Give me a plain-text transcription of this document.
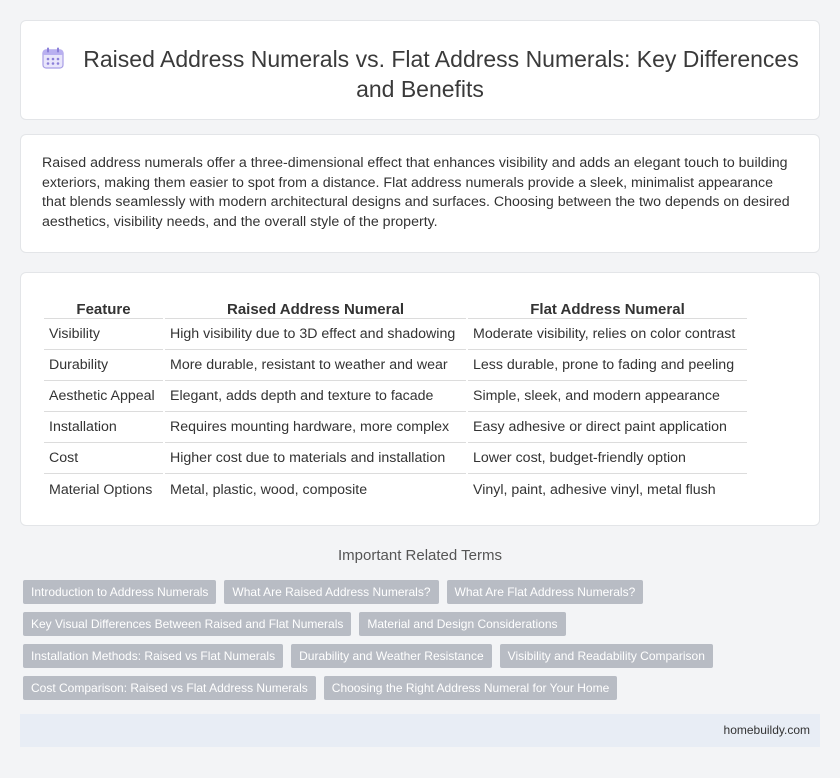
Raised Address Numerals vs. Flat Address Numerals: Key Differences and Benefits

Raised address numerals offer a three-dimensional effect that enhances visibility and adds an elegant touch to building exteriors, making them easier to spot from a distance. Flat address numerals provide a sleek, minimalist appearance that blends seamlessly with modern architectural designs and surfaces. Choosing between the two depends on desired aesthetics, visibility needs, and the overall style of the property.

Feature	Raised Address Numeral	Flat Address Numeral
Visibility	High visibility due to 3D effect and shadowing	Moderate visibility, relies on color contrast
Durability	More durable, resistant to weather and wear	Less durable, prone to fading and peeling
Aesthetic Appeal	Elegant, adds depth and texture to facade	Simple, sleek, and modern appearance
Installation	Requires mounting hardware, more complex	Easy adhesive or direct paint application
Cost	Higher cost due to materials and installation	Lower cost, budget-friendly option
Material Options	Metal, plastic, wood, composite	Vinyl, paint, adhesive vinyl, metal flush
Important Related Terms
Introduction to Address Numerals	What Are Raised Address Numerals?	What Are Flat Address Numerals?
Key Visual Differences Between Raised and Flat Numerals	Material and Design Considerations
Installation Methods: Raised vs Flat Numerals	Durability and Weather Resistance	Visibility and Readability Comparison
Cost Comparison: Raised vs Flat Address Numerals	Choosing the Right Address Numeral for Your Home
homebuildy.com
